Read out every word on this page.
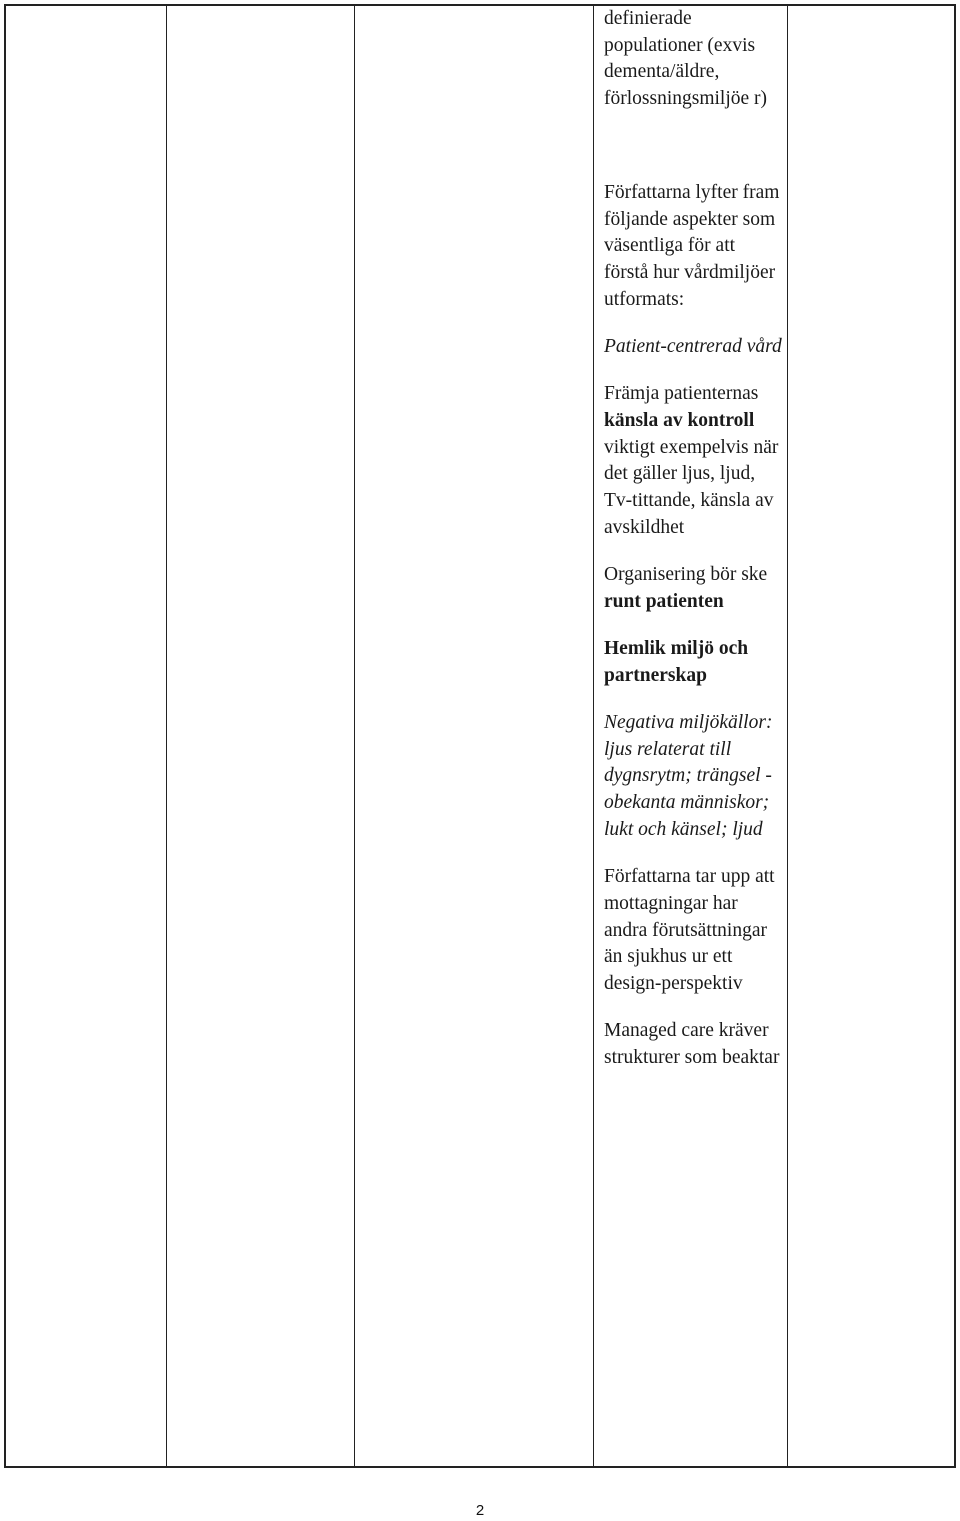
definierade populationer (exvis dementa/äldre, förlossningsmiljöe r)

Författarna lyfter fram följande aspekter som väsentliga för att förstå hur vårdmiljöer utformats:

Patient-centrerad vård

Främja patienternas känsla av kontroll viktigt exempelvis när det gäller ljus, ljud, Tv-tittande, känsla av avskildhet

Organisering bör ske runt patienten

Hemlik miljö och partnerskap

Negativa miljökällor: ljus relaterat till dygnsrytm; trängsel - obekanta människor; lukt och känsel; ljud

Författarna tar upp att mottagningar har andra förutsättningar än sjukhus ur ett design-perspektiv

Managed care kräver strukturer som beaktar

2
